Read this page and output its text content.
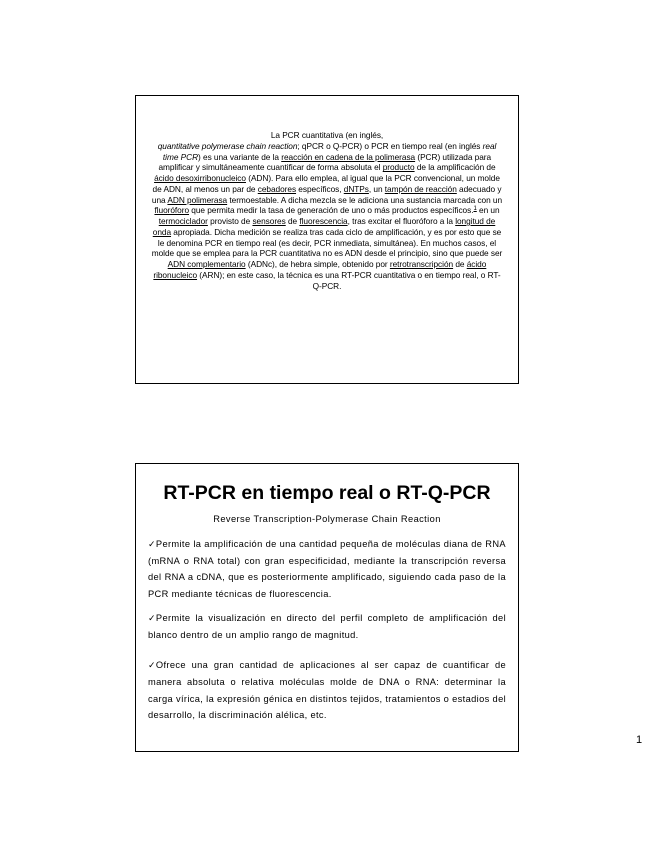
La PCR cuantitativa (en inglés,
quantitative polymerase chain reaction; qPCR o Q-PCR) o PCR en tiempo real (en inglés real time PCR) es una variante de la reacción en cadena de la polimerasa (PCR) utilizada para amplificar y simultáneamente cuantificar de forma absoluta el producto de la amplificación de ácido desoxirribonucleico (ADN). Para ello emplea, al igual que la PCR convencional, un molde de ADN, al menos un par de cebadores específicos, dNTPs, un tampón de reacción adecuado y una ADN polimerasa termoestable. A dicha mezcla se le adiciona una sustancia marcada con un fluoróforo que permita medir la tasa de generación de uno o más productos específicos.$^1$ en un termociclador provisto de sensores de fluorescencia, tras excitar el fluoróforo a la longitud de onda apropiada. Dicha medición se realiza tras cada ciclo de amplificación, y es por esto que se le denomina PCR en tiempo real (es decir, PCR inmediata, simultánea). En muchos casos, el molde que se emplea para la PCR cuantitativa no es ADN desde el principio, sino que puede ser ADN complementario (ADNc), de hebra simple, obtenido por retrotranscripción de ácido ribonucleico (ARN); en este caso, la técnica es una RT-PCR cuantitativa o en tiempo real, o RT-Q-PCR.
RT-PCR en tiempo real o RT-Q-PCR
Reverse Transcription-Polymerase Chain Reaction

✓Permite la amplificación de una cantidad pequeña de moléculas diana de RNA (mRNA o RNA total) con gran especificidad, mediante la transcripción reversa del RNA a cDNA, que es posteriormente amplificado, siguiendo cada paso de la PCR mediante técnicas de fluorescencia.

✓Permite la visualización en directo del perfil completo de amplificación del blanco dentro de un amplio rango de magnitud.

✓Ofrece una gran cantidad de aplicaciones al ser capaz de cuantificar de manera absoluta o relativa moléculas molde de DNA o RNA: determinar la carga vírica, la expresión génica en distintos tejidos, tratamientos o estadios del desarrollo, la discriminación alélica, etc.

1
